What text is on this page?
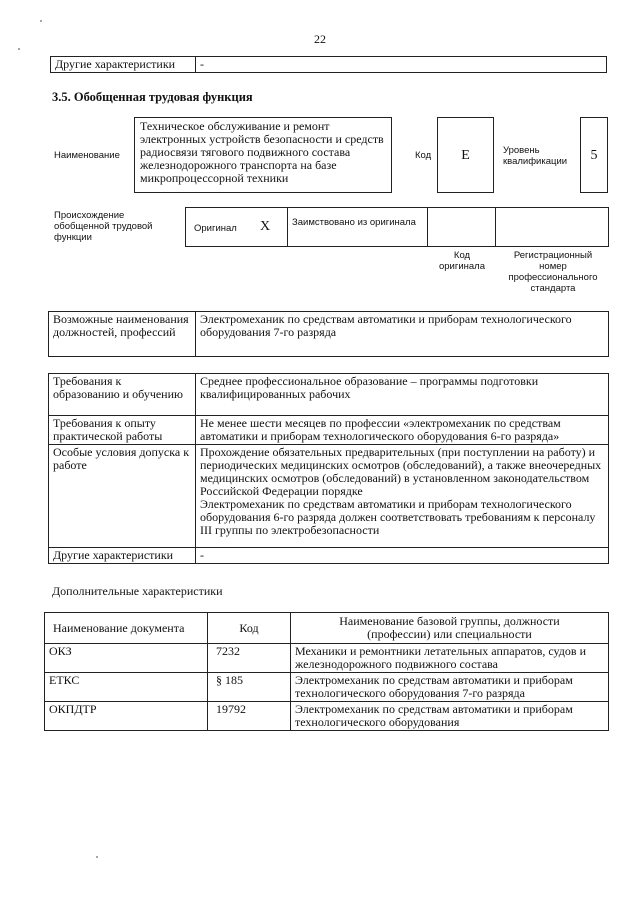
22
Другие характеристики	-
3.5. Обобщенная трудовая функция
Наименование
Техническое обслуживание и ремонт электронных устройств безопасности и средств радиосвязи тягового подвижного состава железнодорожного транспорта на базе микропроцессорной техники
Код	E	Уровень квалификации	5
Происхождение обобщенной трудовой функции
Оригинал X Заимствовано из оригинала
Код оригинала
Регистрационный номер профессионального стандарта
Возможные наименования должностей, профессий	Электромеханик по средствам автоматики и приборам технологического оборудования 7-го разряда
Требования к образованию и обучению	Среднее профессиональное образование – программы подготовки квалифицированных рабочих
Требования к опыту практической работы	Не менее шести месяцев по профессии «электромеханик по средствам автоматики и приборам технологического оборудования 6-го разряда»
Особые условия допуска к работе	Прохождение обязательных предварительных (при поступлении на работу) и периодических медицинских осмотров (обследований), а также внеочередных медицинских осмотров (обследований) в установленном законодательством Российской Федерации порядке
Электромеханик по средствам автоматики и приборам технологического оборудования 6-го разряда должен соответствовать требованиям к персоналу III группы по электробезопасности

Другие характеристики	-
Дополнительные характеристики
Наименование документа	Код	Наименование базовой группы, должности (профессии) или специальности
ОКЗ	7232	Механики и ремонтники летательных аппаратов, судов и железнодорожного подвижного состава
ЕТКС	§ 185	Электромеханик по средствам автоматики и приборам технологического оборудования 7-го разряда
ОКПДТР	19792	Электромеханик по средствам автоматики и приборам технологического оборудования
